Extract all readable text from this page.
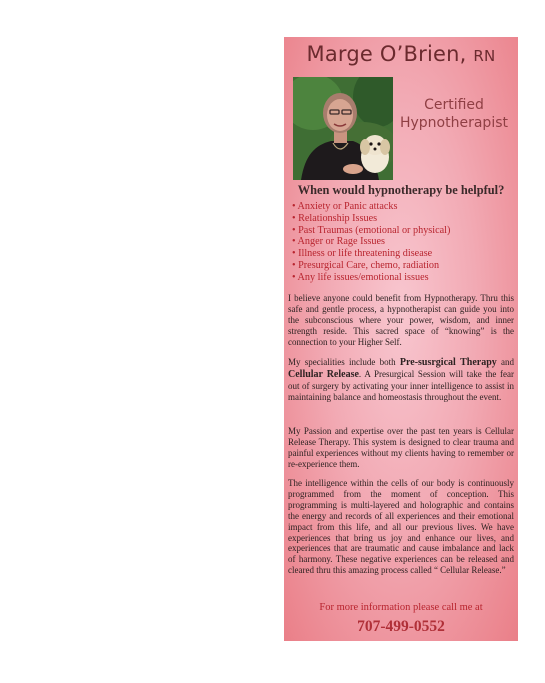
Marge O’Brien, RN
Certified
Hypnotherapist
When would hypnotherapy be helpful?
• Anxiety or Panic attacks
• Relationship Issues
• Past Traumas (emotional or physical)
• Anger or Rage Issues
• Illness or life threatening disease
• Presurgical Care, chemo, radiation
• Any life issues/emotional issues

I believe anyone could benefit from Hypnotherapy. Thru this safe and gentle process, a hypnotherapist can guide you into the subconscious where your power, wisdom, and inner strength reside. This sacred space of “knowing” is the connection to your Higher Self.

My specialities include both Pre-susrgical Therapy and Cellular Release. A Presurgical Session will take the fear out of surgery by activating your inner intelligence to assist in maintaining balance and homeostasis throughout the event.

My Passion and expertise over the past ten years is Cellular Release Therapy. This system is designed to clear trauma and painful experiences without my clients having to remember or re-experience them.

The intelligence within the cells of our body is continuously programmed from the moment of conception. This programming is multi-layered and holographic and contains the energy and records of all experiences and their emotional impact from this life, and all our previous lives. We have experiences that bring us joy and enhance our lives, and experiences that are traumatic and cause imbalance and lack of harmony. These negative experiences can be released and cleared thru this amazing process called “ Cellular Release.”

For more information please call me at
707-499-0552
